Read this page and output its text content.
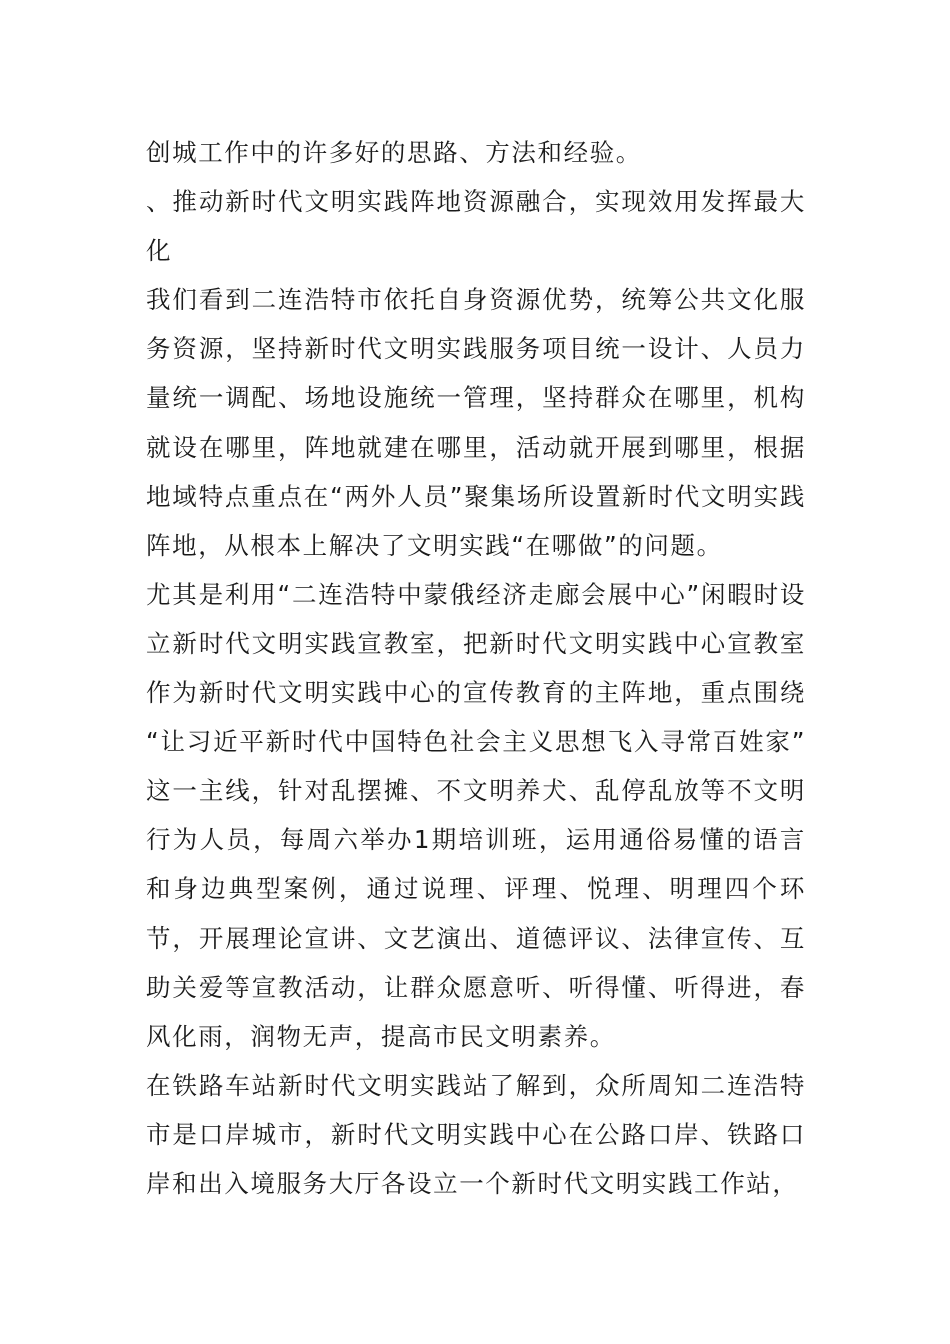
创城工作中的许多好的思路、方法和经验。

、推动新时代文明实践阵地资源融合，实现效用发挥最大化

我们看到二连浩特市依托自身资源优势，统筹公共文化服务资源，坚持新时代文明实践服务项目统一设计、人员力量统一调配、场地设施统一管理，坚持群众在哪里，机构就设在哪里，阵地就建在哪里，活动就开展到哪里，根据地域特点重点在“两外人员”聚集场所设置新时代文明实践阵地，从根本上解决了文明实践“在哪做”的问题。

尤其是利用“二连浩特中蒙俄经济走廊会展中心”闲暇时设立新时代文明实践宣教室，把新时代文明实践中心宣教室作为新时代文明实践中心的宣传教育的主阵地，重点围绕 “让习近平新时代中国特色社会主义思想飞入寻常百姓家” 这一主线，针对乱摆摊、不文明养犬、乱停乱放等不文明行为人员，每周六举办1期培训班，运用通俗易懂的语言和身边典型案例，通过说理、评理、悦理、明理四个环节，开展理论宣讲、文艺演出、道德评议、法律宣传、互助关爱等宣教活动，让群众愿意听、听得懂、听得进，春风化雨，润物无声，提高市民文明素养。

在铁路车站新时代文明实践站了解到，众所周知二连浩特市是口岸城市，新时代文明实践中心在公路口岸、铁路口岸和出入境服务大厅各设立一个新时代文明实践工作站，
